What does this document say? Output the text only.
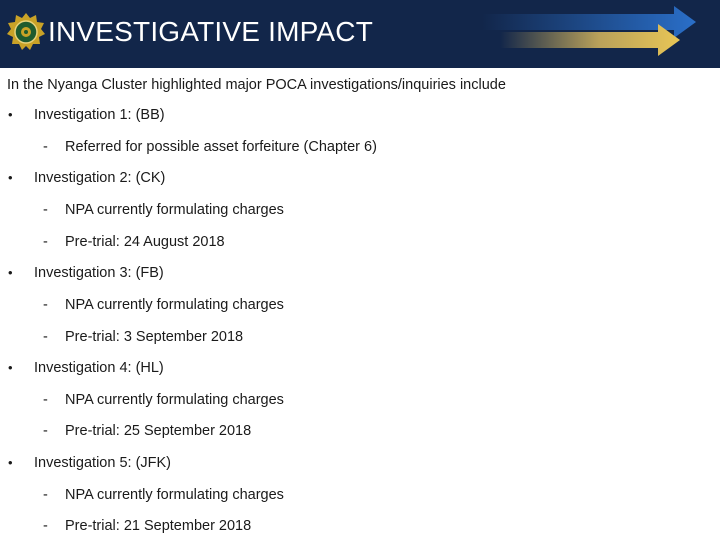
INVESTIGATIVE IMPACT
In the Nyanga Cluster highlighted major POCA investigations/inquiries include
• Investigation 1: (BB)
- Referred for possible asset forfeiture (Chapter 6)
• Investigation 2: (CK)
- NPA currently formulating charges
- Pre-trial: 24 August 2018
• Investigation 3: (FB)
- NPA currently formulating charges
- Pre-trial: 3 September 2018
• Investigation 4: (HL)
- NPA currently formulating charges
- Pre-trial: 25 September 2018
• Investigation 5: (JFK)
- NPA currently formulating charges
- Pre-trial: 21 September 2018
